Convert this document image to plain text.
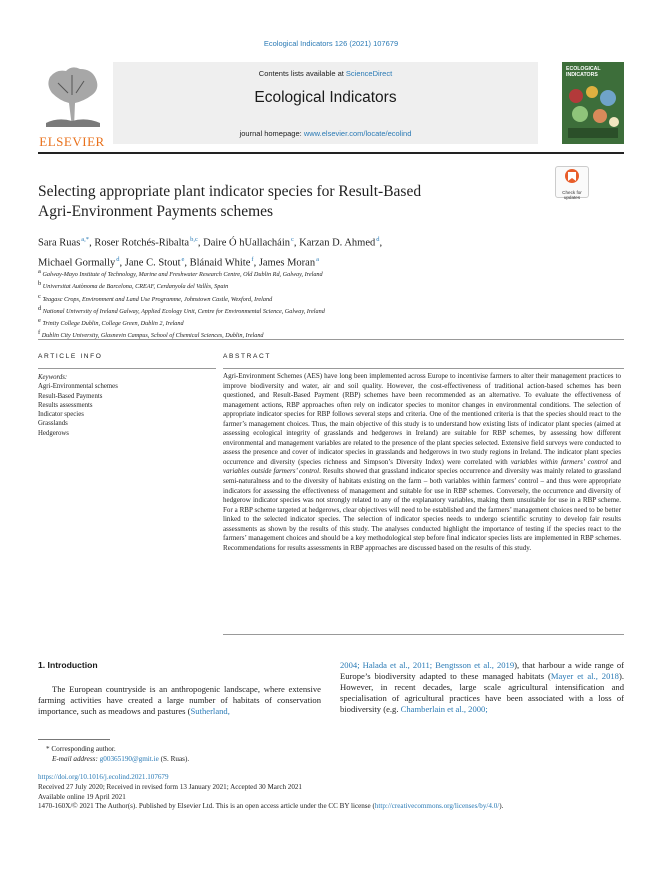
Ecological Indicators 126 (2021) 107679
ELSEVIER
Contents lists available at ScienceDirect
Ecological Indicators
journal homepage: www.elsevier.com/locate/ecolind
ECOLOGICAL INDICATORS
Selecting appropriate plant indicator species for Result-Based
Agri-Environment Payments schemes
Check for updates
Sara Ruas$^{a,*}$, Roser Rotchés-Ribalta$^{b,c}$, Daire Ó hUallacháin$^c$, Karzan D. Ahmed$^d$,
Michael Gormally$^d$, Jane C. Stout$^e$, Blánaid White$^f$, James Moran$^a$
$^a$ Galway-Mayo Institute of Technology, Marine and Freshwater Research Centre, Old Dublin Rd, Galway, Ireland
$^b$ Universitat Autònoma de Barcelona, CREAF, Cerdanyola del Vallès, Spain
$^c$ Teagasc Crops, Environment and Land Use Programme, Johnstown Castle, Wexford, Ireland
$^d$ National University of Ireland Galway, Applied Ecology Unit, Centre for Environmental Science, Galway, Ireland
$^e$ Trinity College Dublin, College Green, Dublin 2, Ireland
$^f$ Dublin City University, Glasnevin Campus, School of Chemical Sciences, Dublin, Ireland
ARTICLE INFO	ABSTRACT
Keywords:
Agri-Environmental schemes
Result-Based Payments
Results assessments
Indicator species
Grasslands
Hedgerows
Agri-Environment Schemes (AES) have long been implemented across Europe to incentivise farmers to alter their management practices to improve biodiversity and water, air and soil quality. However, the cost-effectiveness of traditional action-based schemes has been questioned, and Result-Based Payment (RBP) schemes have been recommended as an alternative. To evaluate the effectiveness of management actions, RBP approaches often rely on indicator species to monitor changes in environmental conditions. The selection of appropriate indicator species for RBP follows several steps and criteria. One of the mentioned criteria is that the species should react to the farmer’s management choices. Thus, the main objective of this study is to understand how existing lists of indicator plant species (aimed at assessing ecological integrity of grasslands and hedgerows in Ireland) are suitable for RBP schemes, by assessing how different environmental and management variables are related to the presence of the plant species selected. Extensive field surveys were conducted to assess the presence and cover of indicator species in grasslands and hedgerows in two study regions in Ireland. The indicator plant species occurrence and diversity (species richness and Simpson’s Diversity Index) were correlated with variables within farmers’ control and variables outside farmers’ control. Results showed that grassland indicator species occurrence and diversity was mainly related to grassland semi-naturalness and to the diversity of habitats existing on the farm – both variables within farmers’ control – and thus were appropriate indicators for assessing the effectiveness of management and suitable for use in RBP schemes. Conversely, the occurrence and diversity of hedgerow indicator species was not strongly related to any of the explanatory variables, making them unsuitable for use in a RBP scheme. For a RBP scheme targeted at hedgerows, clear objectives will need to be established and the farmers’ management choices need to be better linked to the selected indicator species. The selection of indicator species needs to undergo scientific scrutiny to develop fair results assessments as shown by the results of this study. The analyses conducted highlight the importance of testing if the species react to the farmers’ management choices and should be a key methodological step before final indicator species lists are implemented in RBP schemes. Recommendations for results assessments in RBP approaches are discussed based on the results of this study.
1. Introduction
The European countryside is an anthropogenic landscape, where extensive farming activities have created a large number of habitats of conservation importance, such as meadows and pastures (Sutherland,
2004; Halada et al., 2011; Bengtsson et al., 2019), that harbour a wide range of Europe’s biodiversity adapted to these managed habitats (Mayer et al., 2018). However, in recent decades, large scale agricultural intensification and specialisation of agricultural practices have been associated with a loss of biodiversity (e.g. Chamberlain et al., 2000;
* Corresponding author.
E-mail address: g00365190@gmit.ie (S. Ruas).
https://doi.org/10.1016/j.ecolind.2021.107679
Received 27 July 2020; Received in revised form 13 January 2021; Accepted 30 March 2021
Available online 19 April 2021
1470-160X/© 2021 The Author(s). Published by Elsevier Ltd. This is an open access article under the CC BY license (http://creativecommons.org/licenses/by/4.0/).
